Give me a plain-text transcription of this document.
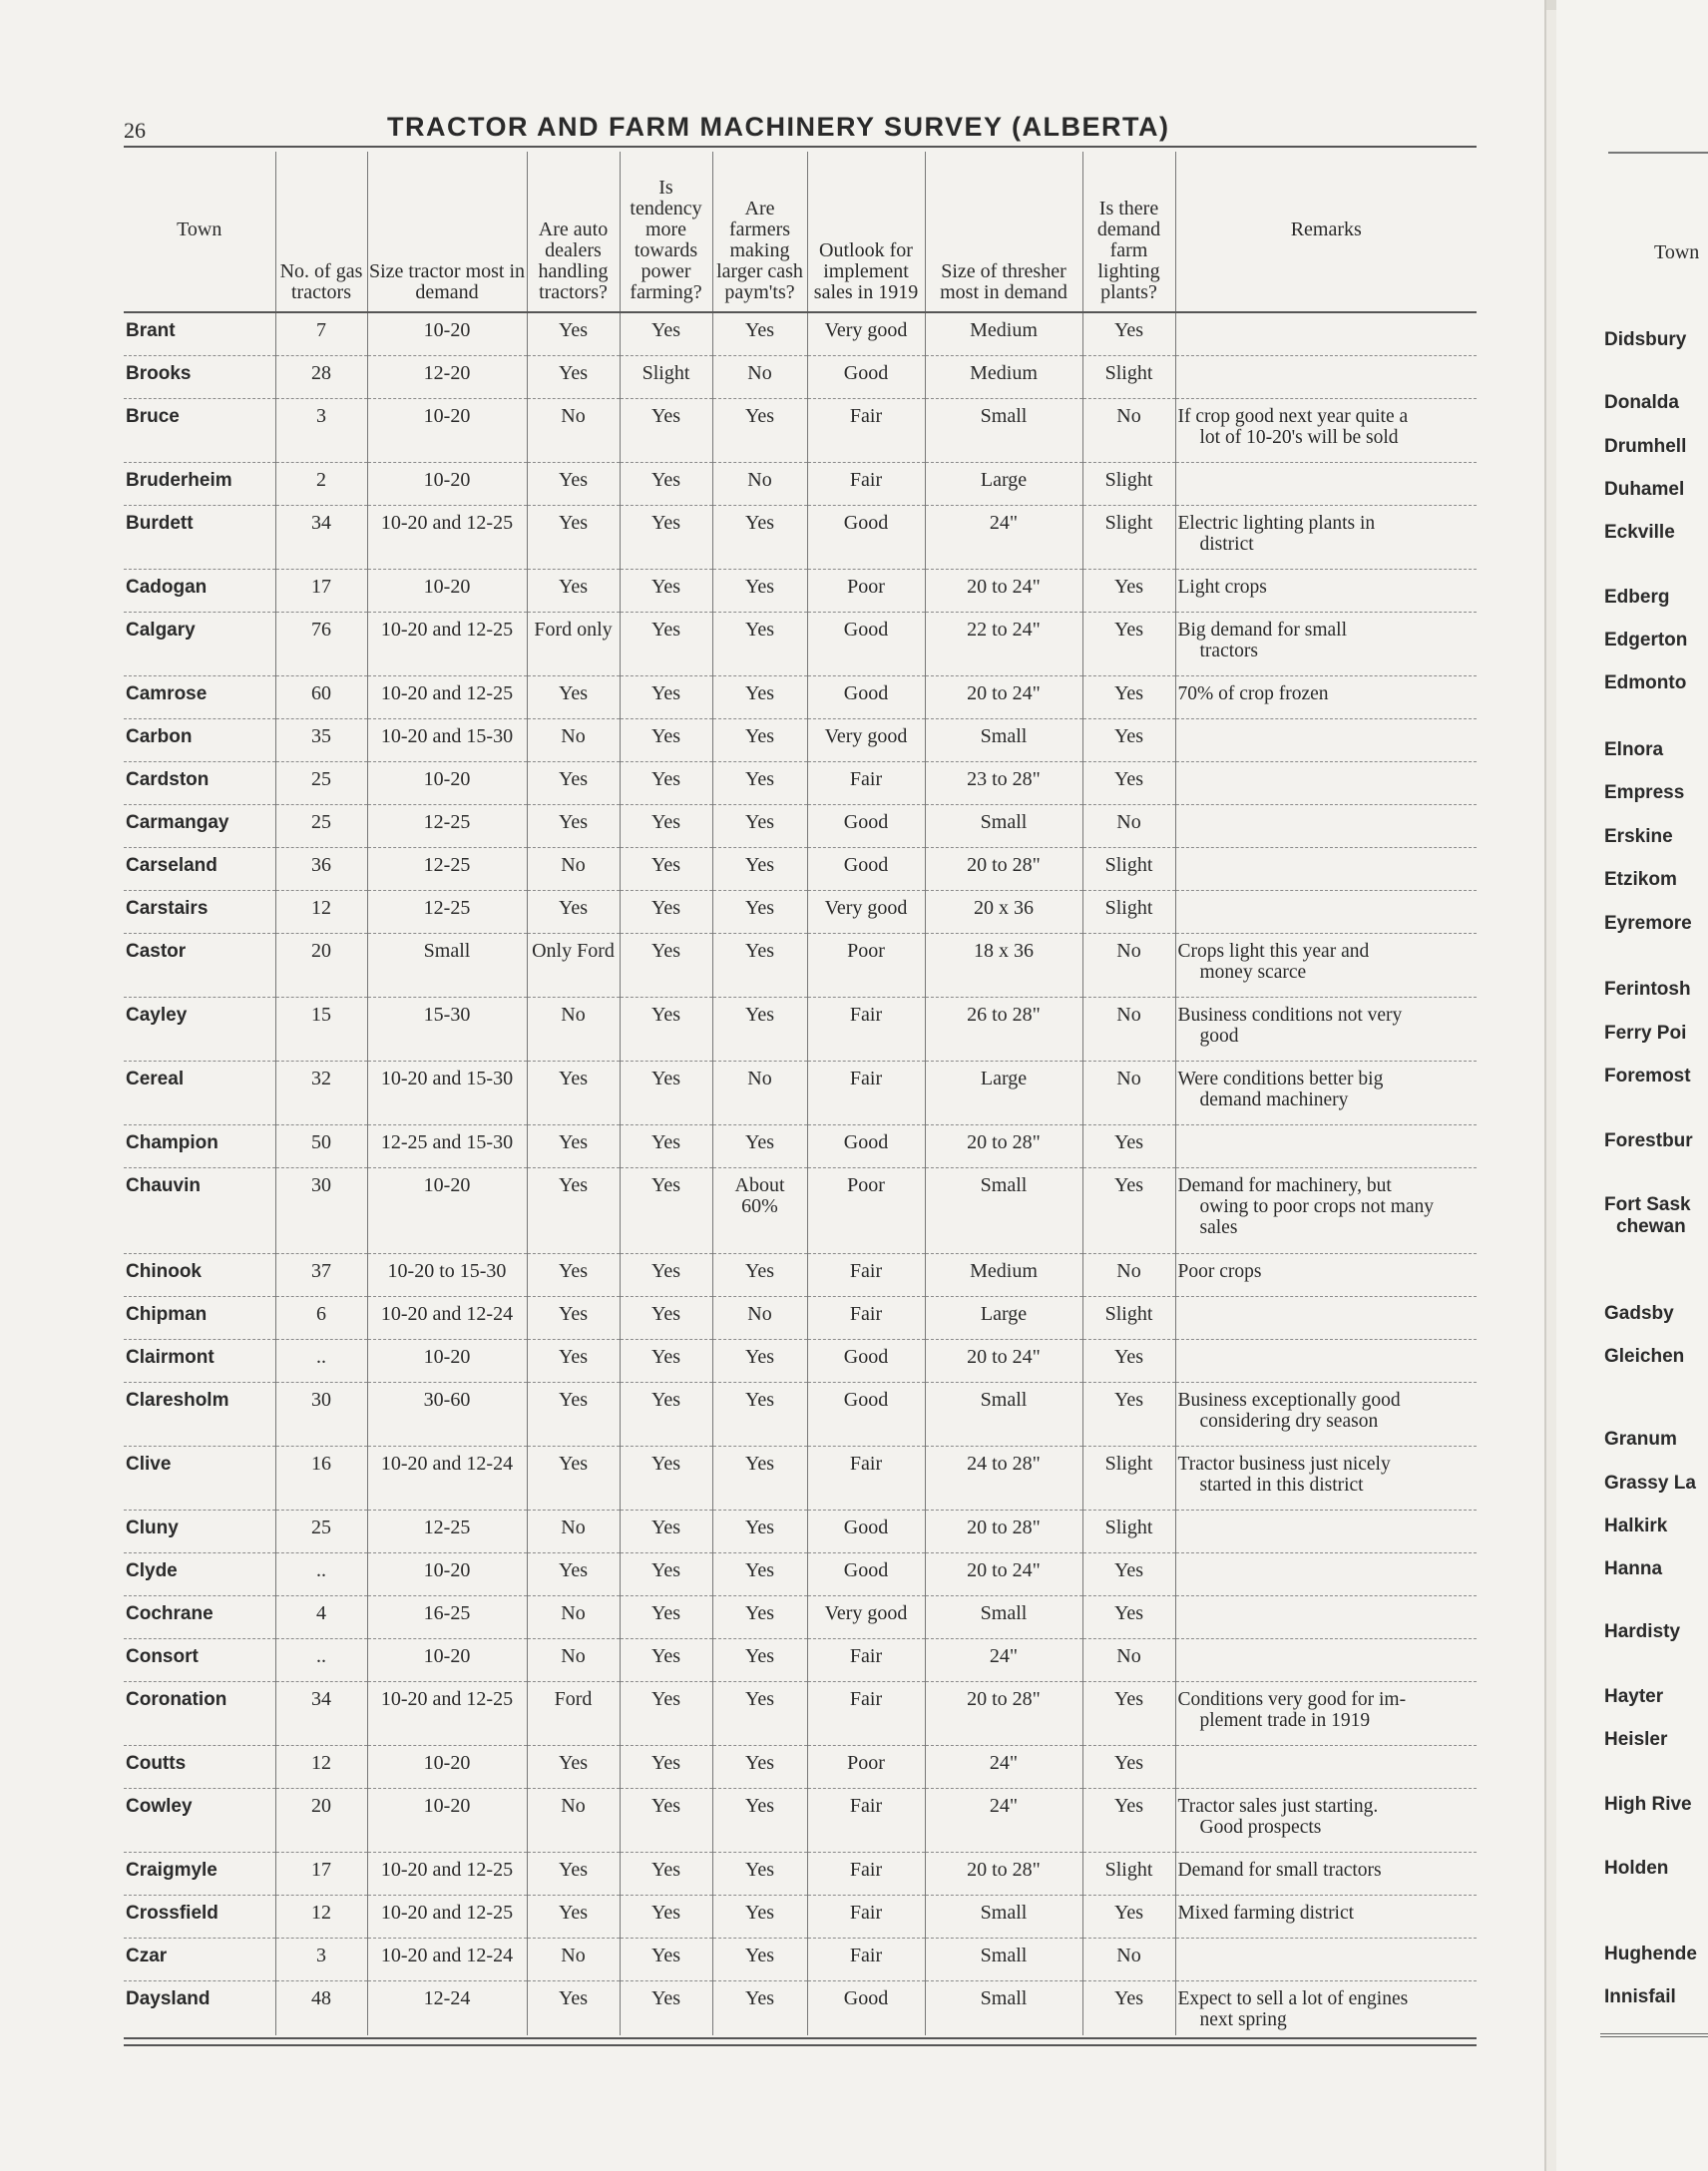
26	TRACTOR AND FARM MACHINERY SURVEY (ALBERTA)
Town	No. of gas tractors	Size tractor most in demand	Are auto dealers handling tractors?	Is tendency more towards power farming?	Are farmers making larger cash paym'ts?	Outlook for implement sales in 1919	Size of thresher most in demand	Is there demand farm lighting plants?	Remarks
Brant	7	10-20	Yes	Yes	Yes	Very good	Medium	Yes	

Brooks	28	12-20	Yes	Slight	No	Good	Medium	Slight	

Bruce	3	10-20	No	Yes	Yes	Fair	Small	No	If crop good next year quite a
lot of 10-20's will be sold

Bruderheim	2	10-20	Yes	Yes	No	Fair	Large	Slight	

Burdett	34	10-20 and 12-25	Yes	Yes	Yes	Good	24"	Slight	Electric lighting plants in
district

Cadogan	17	10-20	Yes	Yes	Yes	Poor	20 to 24"	Yes	Light crops

Calgary	76	10-20 and 12-25	Ford only	Yes	Yes	Good	22 to 24"	Yes	Big demand for small
tractors

Camrose	60	10-20 and 12-25	Yes	Yes	Yes	Good	20 to 24"	Yes	70% of crop frozen

Carbon	35	10-20 and 15-30	No	Yes	Yes	Very good	Small	Yes	

Cardston	25	10-20	Yes	Yes	Yes	Fair	23 to 28"	Yes	

Carmangay	25	12-25	Yes	Yes	Yes	Good	Small	No	

Carseland	36	12-25	No	Yes	Yes	Good	20 to 28"	Slight	

Carstairs	12	12-25	Yes	Yes	Yes	Very good	20 x 36	Slight	

Castor	20	Small	Only Ford	Yes	Yes	Poor	18 x 36	No	Crops light this year and
money scarce

Cayley	15	15-30	No	Yes	Yes	Fair	26 to 28"	No	Business conditions not very
good

Cereal	32	10-20 and 15-30	Yes	Yes	No	Fair	Large	No	Were conditions better big
demand machinery

Champion	50	12-25 and 15-30	Yes	Yes	Yes	Good	20 to 28"	Yes	

Chauvin	30	10-20	Yes	Yes	About 60%	Poor	Small	Yes	Demand for machinery, but
owing to poor crops not many sales

Chinook	37	10-20 to 15-30	Yes	Yes	Yes	Fair	Medium	No	Poor crops

Chipman	6	10-20 and 12-24	Yes	Yes	No	Fair	Large	Slight	

Clairmont	..	10-20	Yes	Yes	Yes	Good	20 to 24"	Yes	

Claresholm	30	30-60	Yes	Yes	Yes	Good	Small	Yes	Business exceptionally good
considering dry season

Clive	16	10-20 and 12-24	Yes	Yes	Yes	Fair	24 to 28"	Slight	Tractor business just nicely
started in this district

Cluny	25	12-25	No	Yes	Yes	Good	20 to 28"	Slight	

Clyde	..	10-20	Yes	Yes	Yes	Good	20 to 24"	Yes	

Cochrane	4	16-25	No	Yes	Yes	Very good	Small	Yes	

Consort	..	10-20	No	Yes	Yes	Fair	24"	No	

Coronation	34	10-20 and 12-25	Ford	Yes	Yes	Fair	20 to 28"	Yes	Conditions very good for im-
plement trade in 1919

Coutts	12	10-20	Yes	Yes	Yes	Poor	24"	Yes	

Cowley	20	10-20	No	Yes	Yes	Fair	24"	Yes	Tractor sales just starting.
Good prospects

Craigmyle	17	10-20 and 12-25	Yes	Yes	Yes	Fair	20 to 28"	Slight	Demand for small tractors

Crossfield	12	10-20 and 12-25	Yes	Yes	Yes	Fair	Small	Yes	Mixed farming district

Czar	3	10-20 and 12-24	No	Yes	Yes	Fair	Small	No	

Daysland	48	12-24	Yes	Yes	Yes	Good	Small	Yes	Expect to sell a lot of engines
next spring
Town
Didsbury
Donalda
Drumhell
Duhamel
Eckville
Edberg
Edgerton
Edmonto
Elnora
Empress
Erskine
Etzikom
Eyremore
Ferintosh
Ferry Poi
Foremost
Forestbur
Fort Sask
chewan
Gadsby
Gleichen
Granum
Grassy La
Halkirk
Hanna
Hardisty
Hayter
Heisler
High Rive
Holden
Hughende
Innisfail
